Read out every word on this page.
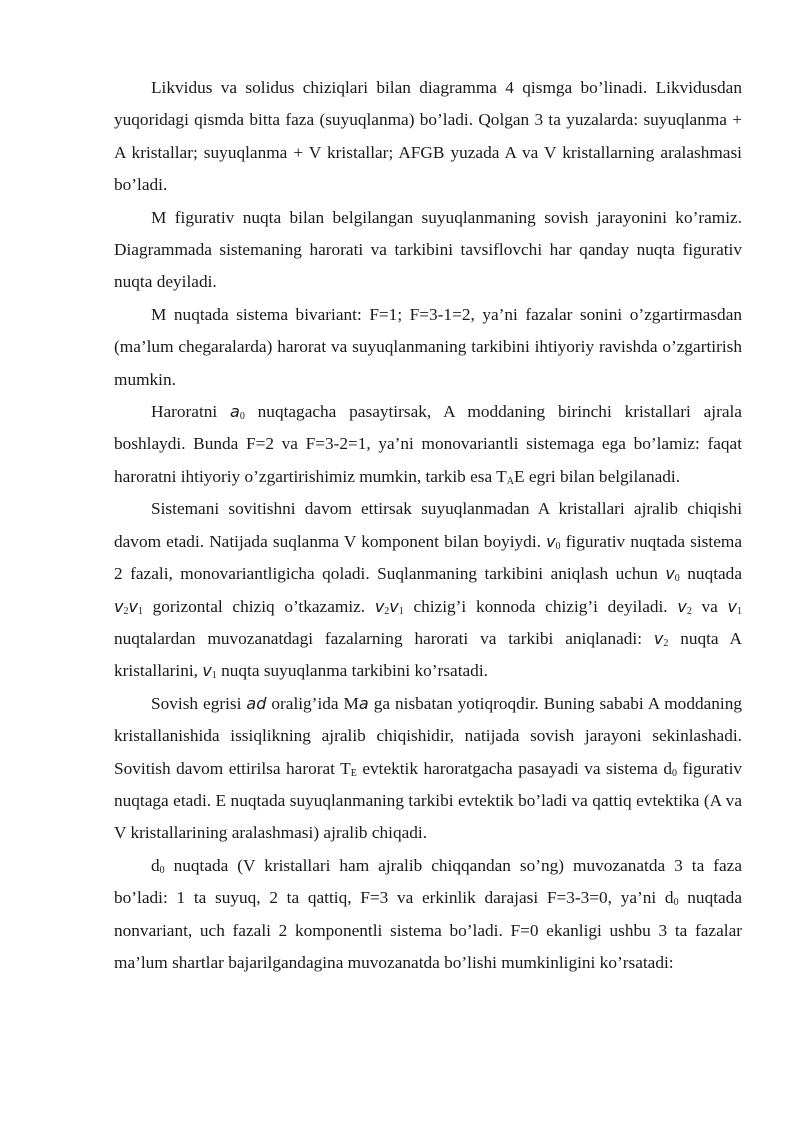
Likvidus va solidus chiziqlari bilan diagramma 4 qismga bo’linadi. Likvidusdan yuqoridagi qismda bitta faza (suyuqlanma) bo’ladi. Qolgan 3 ta yuzalarda: suyuqlanma + A kristallar; suyuqlanma + V kristallar; AFGB yuzada A va V kristallarning aralashmasi bo’ladi.

M figurativ nuqta bilan belgilangan suyuqlanmaning sovish jarayonini ko’ramiz. Diagrammada sistemaning harorati va tarkibini tavsiflovchi har qanday nuqta figurativ nuqta deyiladi.

M nuqtada sistema bivariant: F=1; F=3-1=2, ya’ni fazalar sonini o’zgartirmasdan (ma’lum chegaralarda) harorat va suyuqlanmaning tarkibini ihtiyoriy ravishda o’zgartirish mumkin.

Haroratni $a_0$ nuqtagacha pasaytirsak, A moddaning birinchi kristallari ajrala boshlaydi. Bunda F=2 va F=3-2=1, ya’ni monovariantli sistemaga ega bo’lamiz: faqat haroratni ihtiyoriy o’zgartirishimiz mumkin, tarkib esa $T_AE$ egri bilan belgilanadi.

Sistemani sovitishni davom ettirsak suyuqlanmadan A kristallari ajralib chiqishi davom etadi. Natijada suqlanma V komponent bilan boyiydi. $v_0$ figurativ nuqtada sistema 2 fazali, monovariantligicha qoladi. Suqlanmaning tarkibini aniqlash uchun $v_0$ nuqtada $v_2v_1$ gorizontal chiziq o’tkazamiz. $v_2v_1$ chizig’i konnoda chizig’i deyiladi. $v_2$ va $v_1$ nuqtalardan muvozanatdagi fazalarning harorati va tarkibi aniqlanadi: $v_2$ nuqta A kristallarini, $v_1$ nuqta suyuqlanma tarkibini ko’rsatadi.

Sovish egrisi ad oralig’ida Ma ga nisbatan yotiqroqdir. Buning sababi A moddaning kristallanishida issiqlikning ajralib chiqishidir, natijada sovish jarayoni sekinlashadi. Sovitish davom ettirilsa harorat $T_E$ evtektik haroratgacha pasayadi va sistema $d_0$ figurativ nuqtaga etadi. E nuqtada suyuqlanmaning tarkibi evtektik bo’ladi va qattiq evtektika (A va V kristallarining aralashmasi) ajralib chiqadi.

$d_0$ nuqtada (V kristallari ham ajralib chiqqandan so’ng) muvozanatda 3 ta faza bo’ladi: 1 ta suyuq, 2 ta qattiq, F=3 va erkinlik darajasi F=3-3=0, ya’ni $d_0$ nuqtada nonvariant, uch fazali 2 komponentli sistema bo’ladi. F=0 ekanligi ushbu 3 ta fazalar ma’lum shartlar bajarilgandagina muvozanatda bo’lishi mumkinligini ko’rsatadi:
